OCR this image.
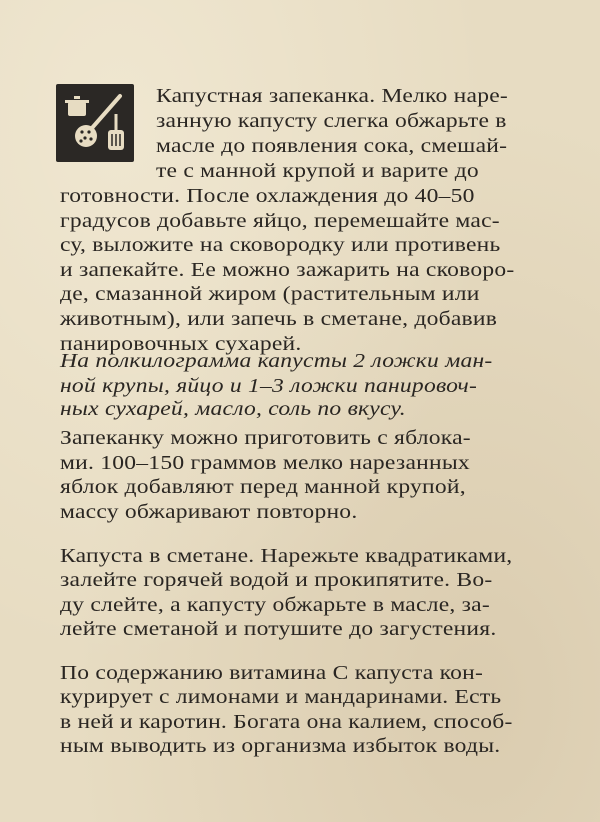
Капустная запеканка. Мелко наре-
занную капусту слегка обжарьте в
масле до появления сока, смешай-
те с манной крупой и варите до
готовности. После охлаждения до 40–50
градусов добавьте яйцо, перемешайте мас-
су, выложите на сковородку или противень
и запекайте. Ее можно зажарить на сковоро-
де, смазанной жиром (растительным или
животным), или запечь в сметане, добавив
панировочных сухарей.
На полкилограмма капусты 2 ложки ман-
ной крупы, яйцо и 1–3 ложки панировоч-
ных сухарей, масло, соль по вкусу.
Запеканку можно приготовить с яблока-
ми. 100–150 граммов мелко нарезанных
яблок добавляют перед манной крупой,
массу обжаривают повторно.
Капуста в сметане. Нарежьте квадратиками,
залейте горячей водой и прокипятите. Во-
ду слейте, а капусту обжарьте в масле, за-
лейте сметаной и потушите до загустения.
По содержанию витамина С капуста кон-
курирует с лимонами и мандаринами. Есть
в ней и каротин. Богата она калием, способ-
ным выводить из организма избыток воды.
